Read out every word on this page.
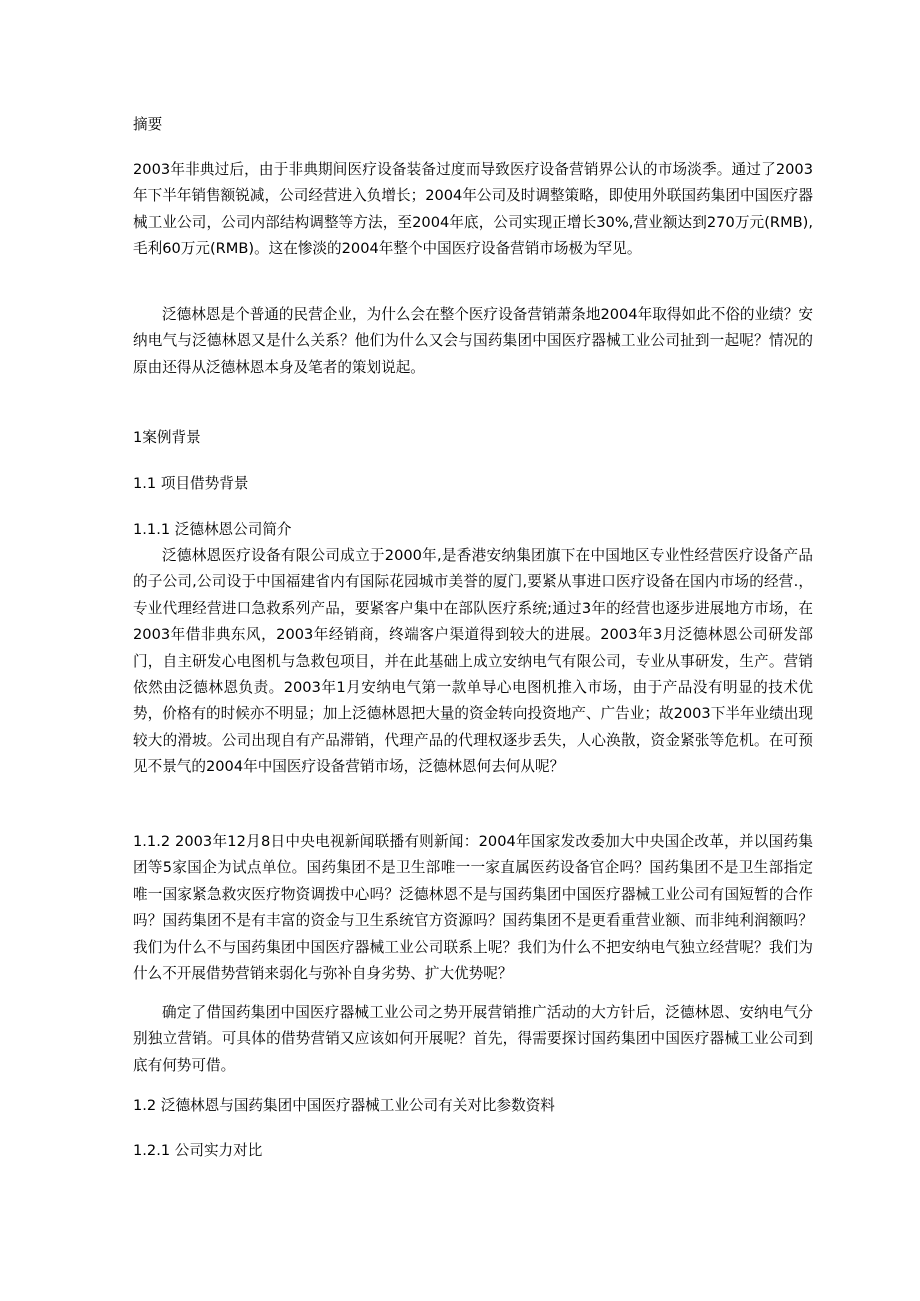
摘要

2003年非典过后，由于非典期间医疗设备装备过度而导致医疗设备营销界公认的市场淡季。通过了2003年下半年销售额锐减，公司经营进入负增长；2004年公司及时调整策略，即使用外联国药集团中国医疗器械工业公司，公司内部结构调整等方法，至2004年底，公司实现正增长30%,营业额达到270万元(RMB),毛利60万元(RMB)。这在惨淡的2004年整个中国医疗设备营销市场极为罕见。

泛德林恩是个普通的民营企业，为什么会在整个医疗设备营销萧条地2004年取得如此不俗的业绩？安纳电气与泛德林恩又是什么关系？他们为什么又会与国药集团中国医疗器械工业公司扯到一起呢？情况的原由还得从泛德林恩本身及笔者的策划说起。

1案例背景

1.1 项目借势背景

1.1.1 泛德林恩公司简介

泛德林恩医疗设备有限公司成立于2000年,是香港安纳集团旗下在中国地区专业性经营医疗设备产品的子公司,公司设于中国福建省内有国际花园城市美誉的厦门,要紧从事进口医疗设备在国内市场的经营.，专业代理经营进口急救系列产品，要紧客户集中在部队医疗系统;通过3年的经营也逐步进展地方市场，在2003年借非典东风，2003年经销商，终端客户渠道得到较大的进展。2003年3月泛德林恩公司研发部门，自主研发心电图机与急救包项目，并在此基础上成立安纳电气有限公司，专业从事研发，生产。营销依然由泛德林恩负责。2003年1月安纳电气第一款单导心电图机推入市场，由于产品没有明显的技术优势，价格有的时候亦不明显；加上泛德林恩把大量的资金转向投资地产、广告业；故2003下半年业绩出现较大的滑坡。公司出现自有产品滞销，代理产品的代理权逐步丢失，人心涣散，资金紧张等危机。在可预见不景气的2004年中国医疗设备营销市场，泛德林恩何去何从呢？

1.1.2 2003年12月8日中央电视新闻联播有则新闻：2004年国家发改委加大中央国企改革，并以国药集团等5家国企为试点单位。国药集团不是卫生部唯一一家直属医药设备官企吗？国药集团不是卫生部指定唯一国家紧急救灾医疗物资调拨中心吗？泛德林恩不是与国药集团中国医疗器械工业公司有国短暂的合作吗？国药集团不是有丰富的资金与卫生系统官方资源吗？国药集团不是更看重营业额、而非纯利润额吗？我们为什么不与国药集团中国医疗器械工业公司联系上呢？我们为什么不把安纳电气独立经营呢？我们为什么不开展借势营销来弱化与弥补自身劣势、扩大优势呢？

确定了借国药集团中国医疗器械工业公司之势开展营销推广活动的大方针后，泛德林恩、安纳电气分别独立营销。可具体的借势营销又应该如何开展呢？首先，得需要探讨国药集团中国医疗器械工业公司到底有何势可借。

1.2 泛德林恩与国药集团中国医疗器械工业公司有关对比参数资料

1.2.1 公司实力对比
